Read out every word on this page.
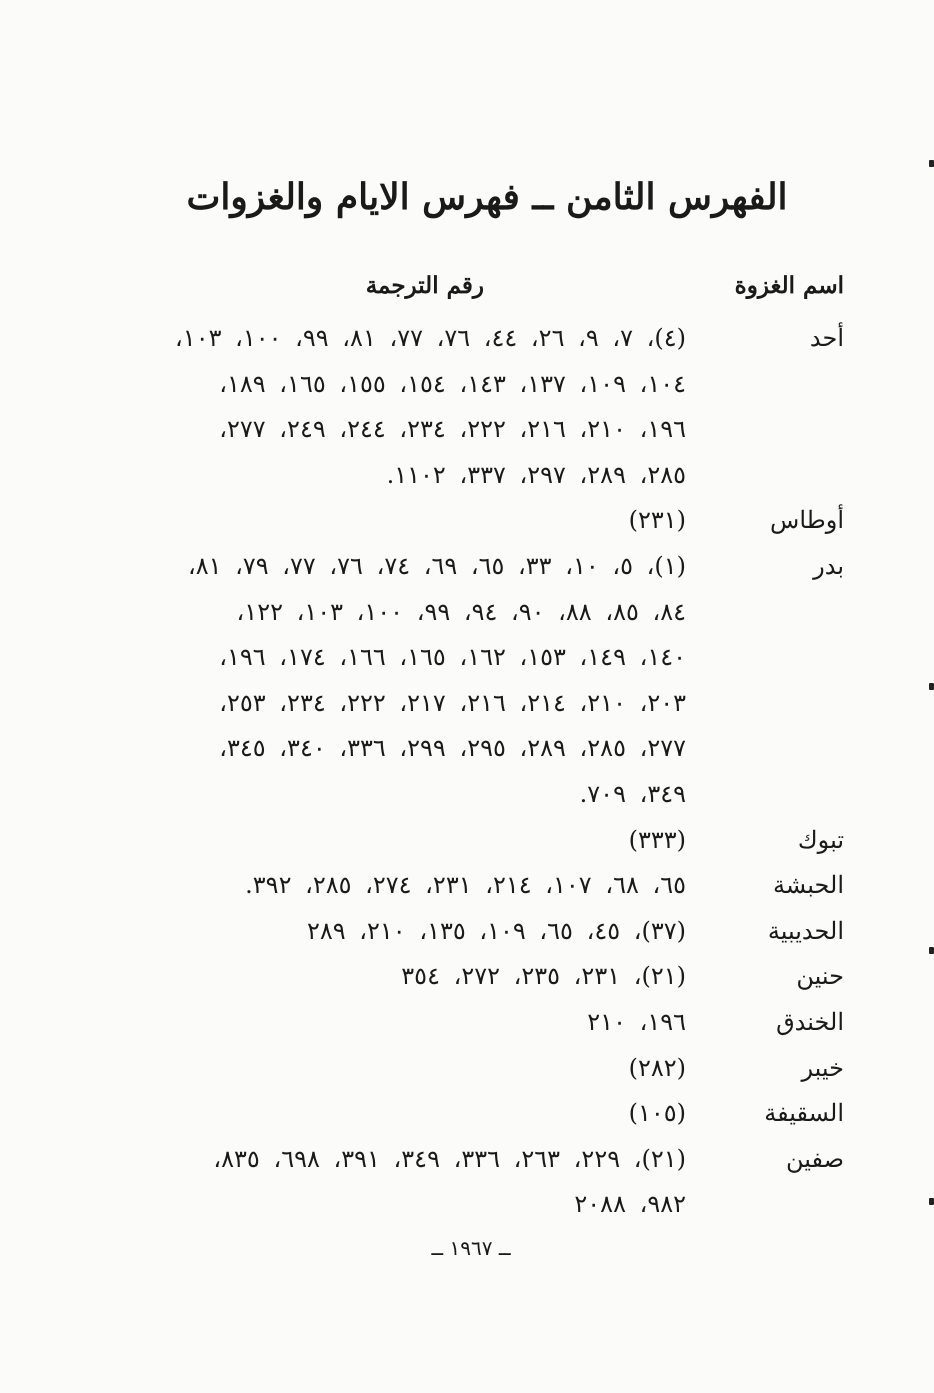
الفهرس الثامن ــ فهرس الايام والغزوات
اسم الغزوة
رقم الترجمة
أحد
(٤)، ٧، ٩، ٢٦، ٤٤، ٧٦، ٧٧، ٨١، ٩٩، ١٠٠، ١٠٣،
١٠٤، ١٠٩، ١٣٧، ١٤٣، ١٥٤، ١٥٥، ١٦٥، ١٨٩،
١٩٦، ٢١٠، ٢١٦، ٢٢٢، ٢٣٤، ٢٤٤، ٢٤٩، ٢٧٧،
٢٨٥، ٢٨٩، ٢٩٧، ٣٣٧، ١١٠٢.
أوطاس
(٢٣١)
بدر
(١)، ٥، ١٠، ٣٣، ٦٥، ٦٩، ٧٤، ٧٦، ٧٧، ٧٩، ٨١،
٨٤، ٨٥، ٨٨، ٩٠، ٩٤، ٩٩، ١٠٠، ١٠٣، ١٢٢،
١٤٠، ١٤٩، ١٥٣، ١٦٢، ١٦٥، ١٦٦، ١٧٤، ١٩٦،
٢٠٣، ٢١٠، ٢١٤، ٢١٦، ٢١٧، ٢٢٢، ٢٣٤، ٢٥٣،
٢٧٧، ٢٨٥، ٢٨٩، ٢٩٥، ٢٩٩، ٣٣٦، ٣٤٠، ٣٤٥،
٣٤٩، ٧٠٩.
تبوك
(٣٣٣)
الحبشة
٦٥، ٦٨، ١٠٧، ٢١٤، ٢٣١، ٢٧٤، ٢٨٥، ٣٩٢.
الحديبية
(٣٧)، ٤٥، ٦٥، ١٠٩، ١٣٥، ٢١٠، ٢٨٩
حنين
(٢١)، ٢٣١، ٢٣٥، ٢٧٢، ٣٥٤
الخندق
١٩٦، ٢١٠
خيبر
(٢٨٢)
السقيفة
(١٠٥)
صفين
(٢١)، ٢٢٩، ٢٦٣، ٣٣٦، ٣٤٩، ٣٩١، ٦٩٨، ٨٣٥،
٩٨٢، ٢٠٨٨

ــ ١٩٦٧ ــ
